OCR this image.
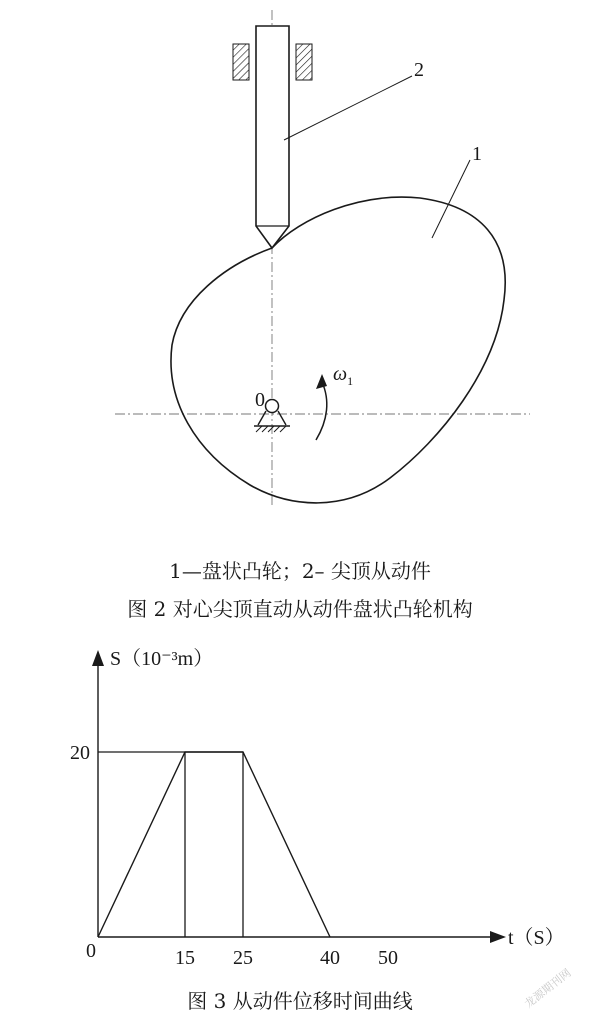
2
1
0
$\omega_1$
1—盘状凸轮；2– 尖顶从动件
图 2 对心尖顶直动从动件盘状凸轮机构
0
20
15 25	40 50
S（10⁻³m）
t（S）
图 3 从动件位移时间曲线	龙源期刊网
